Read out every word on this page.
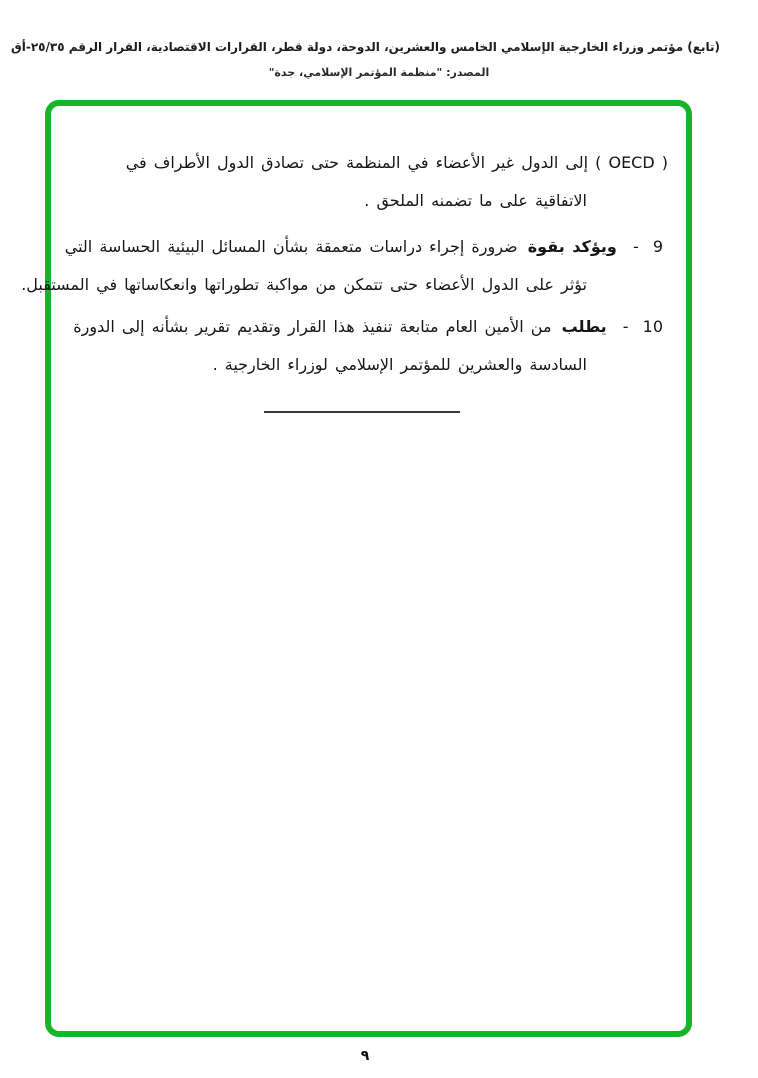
(تابع) مؤتمر وزراء الخارجية الإسلامي الخامس والعشرين، الدوحة، دولة قطر، القرارات الاقتصادية، القرار الرقم ٢٥/٣٥-أق
المصدر: "منظمة المؤتمر الإسلامي، جدة"
( OECD ) إلى الدول غير الأعضاء في المنظمة حتى تصادق الدول الأطراف في
الاتفاقية على ما تضمنه الملحق .
9 - ويؤكد بقوة ضرورة إجراء دراسات متعمقة بشأن المسائل البيئية الحساسة التي
تؤثر على الدول الأعضاء حتى تتمكن من مواكبة تطوراتها وانعكاساتها في المستقبل.
10 - يطلب من الأمين العام متابعة تنفيذ هذا القرار وتقديم تقرير بشأنه إلى الدورة
السادسة والعشرين للمؤتمر الإسلامي لوزراء الخارجية .
٩
